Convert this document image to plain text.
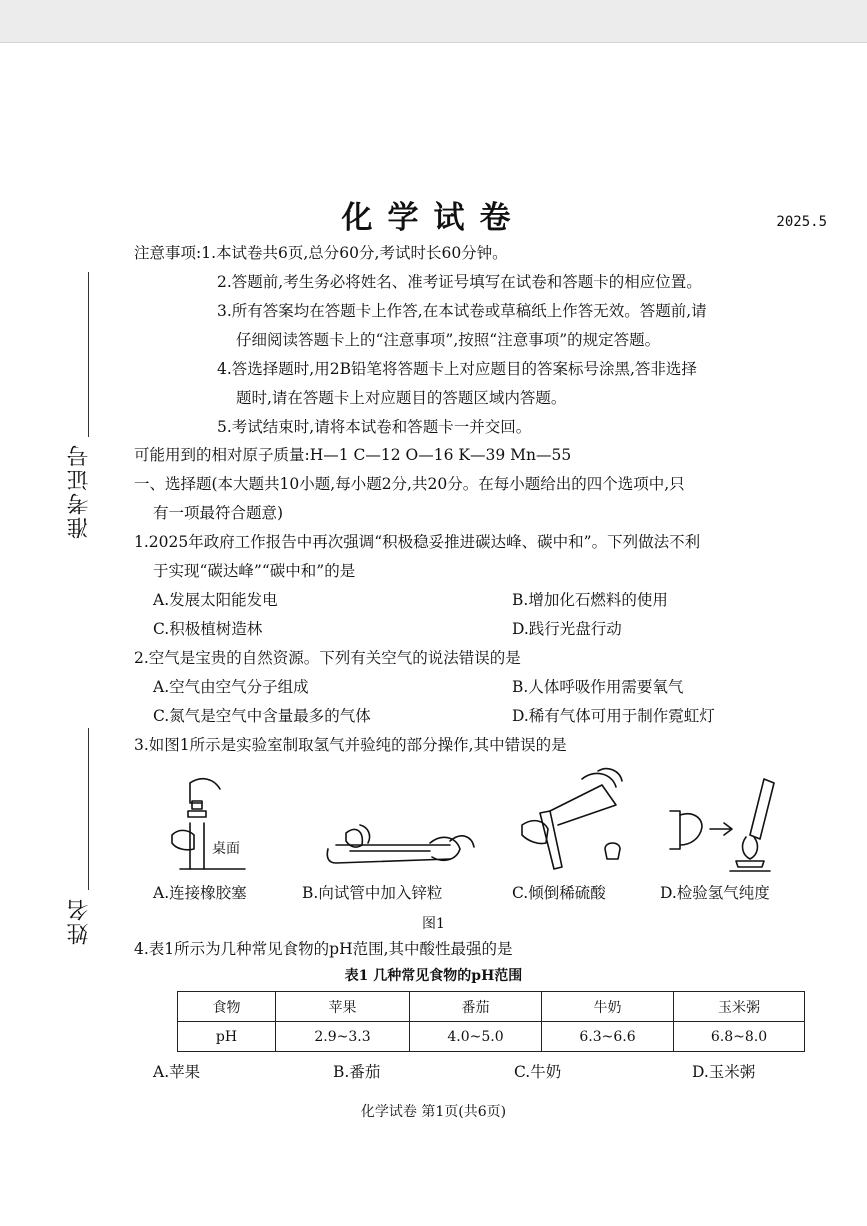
化学试卷	2025.5
准考证号
姓名
注意事项:1.本试卷共6页,总分60分,考试时长60分钟。
2.答题前,考生务必将姓名、准考证号填写在试卷和答题卡的相应位置。
3.所有答案均在答题卡上作答,在本试卷或草稿纸上作答无效。答题前,请
仔细阅读答题卡上的“注意事项”,按照“注意事项”的规定答题。
4.答选择题时,用2B铅笔将答题卡上对应题目的答案标号涂黑,答非选择
题时,请在答题卡上对应题目的答题区域内答题。
5.考试结束时,请将本试卷和答题卡一并交回。
可能用到的相对原子质量:H—1 C—12 O—16 K—39 Mn—55
一、选择题(本大题共10小题,每小题2分,共20分。在每小题给出的四个选项中,只
有一项最符合题意)
1.2025年政府工作报告中再次强调“积极稳妥推进碳达峰、碳中和”。下列做法不利
于实现“碳达峰”“碳中和”的是
A.发展太阳能发电	B.增加化石燃料的使用
C.积极植树造林	D.践行光盘行动
2.空气是宝贵的自然资源。下列有关空气的说法错误的是
A.空气由空气分子组成	B.人体呼吸作用需要氧气
C.氮气是空气中含量最多的气体	D.稀有气体可用于制作霓虹灯
3.如图1所示是实验室制取氢气并验纯的部分操作,其中错误的是
桌面
A.连接橡胶塞	B.向试管中加入锌粒	C.倾倒稀硫酸	D.检验氢气纯度
图1
4.表1所示为几种常见食物的pH范围,其中酸性最强的是
表1 几种常见食物的pH范围
食物	苹果	番茄	牛奶	玉米粥
pH	2.9~3.3	4.0~5.0	6.3~6.6	6.8~8.0
A.苹果	B.番茄	C.牛奶	D.玉米粥
化学试卷 第1页(共6页)
